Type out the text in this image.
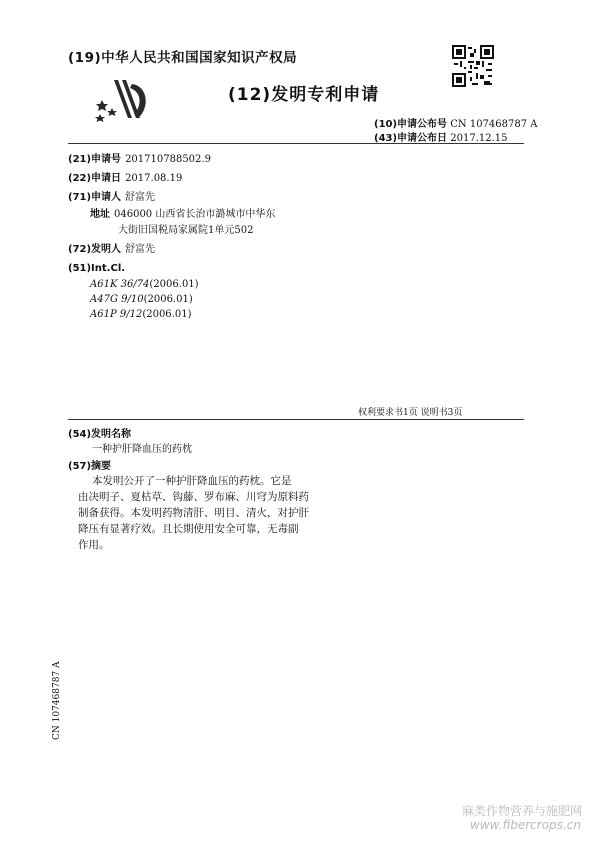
(19)中华人民共和国国家知识产权局
(12)发明专利申请
(10)申请公布号 CN 107468787 A
(43)申请公布日 2017.12.15
(21)申请号 201710788502.9
(22)申请日 2017.08.19
(71)申请人 舒富先
地址 046000 山西省长治市潞城市中华东
大街旧国税局家属院1单元502
(72)发明人 舒富先
(51)Int.Cl.
A61K 36/74(2006.01)
A47G 9/10(2006.01)
A61P 9/12(2006.01)
权利要求书1页 说明书3页
(54)发明名称
一种护肝降血压的药枕
(57)摘要
本发明公开了一种护肝降血压的药枕。它是
由决明子、夏枯草、钩藤、罗布麻、川穹为原料药
制备获得。本发明药物清肝、明目、清火，对护肝
降压有显著疗效。且长期使用安全可靠，无毒副
作用。
CN 107468787 A
麻类作物营养与施肥网
www.fibercrops.cn
